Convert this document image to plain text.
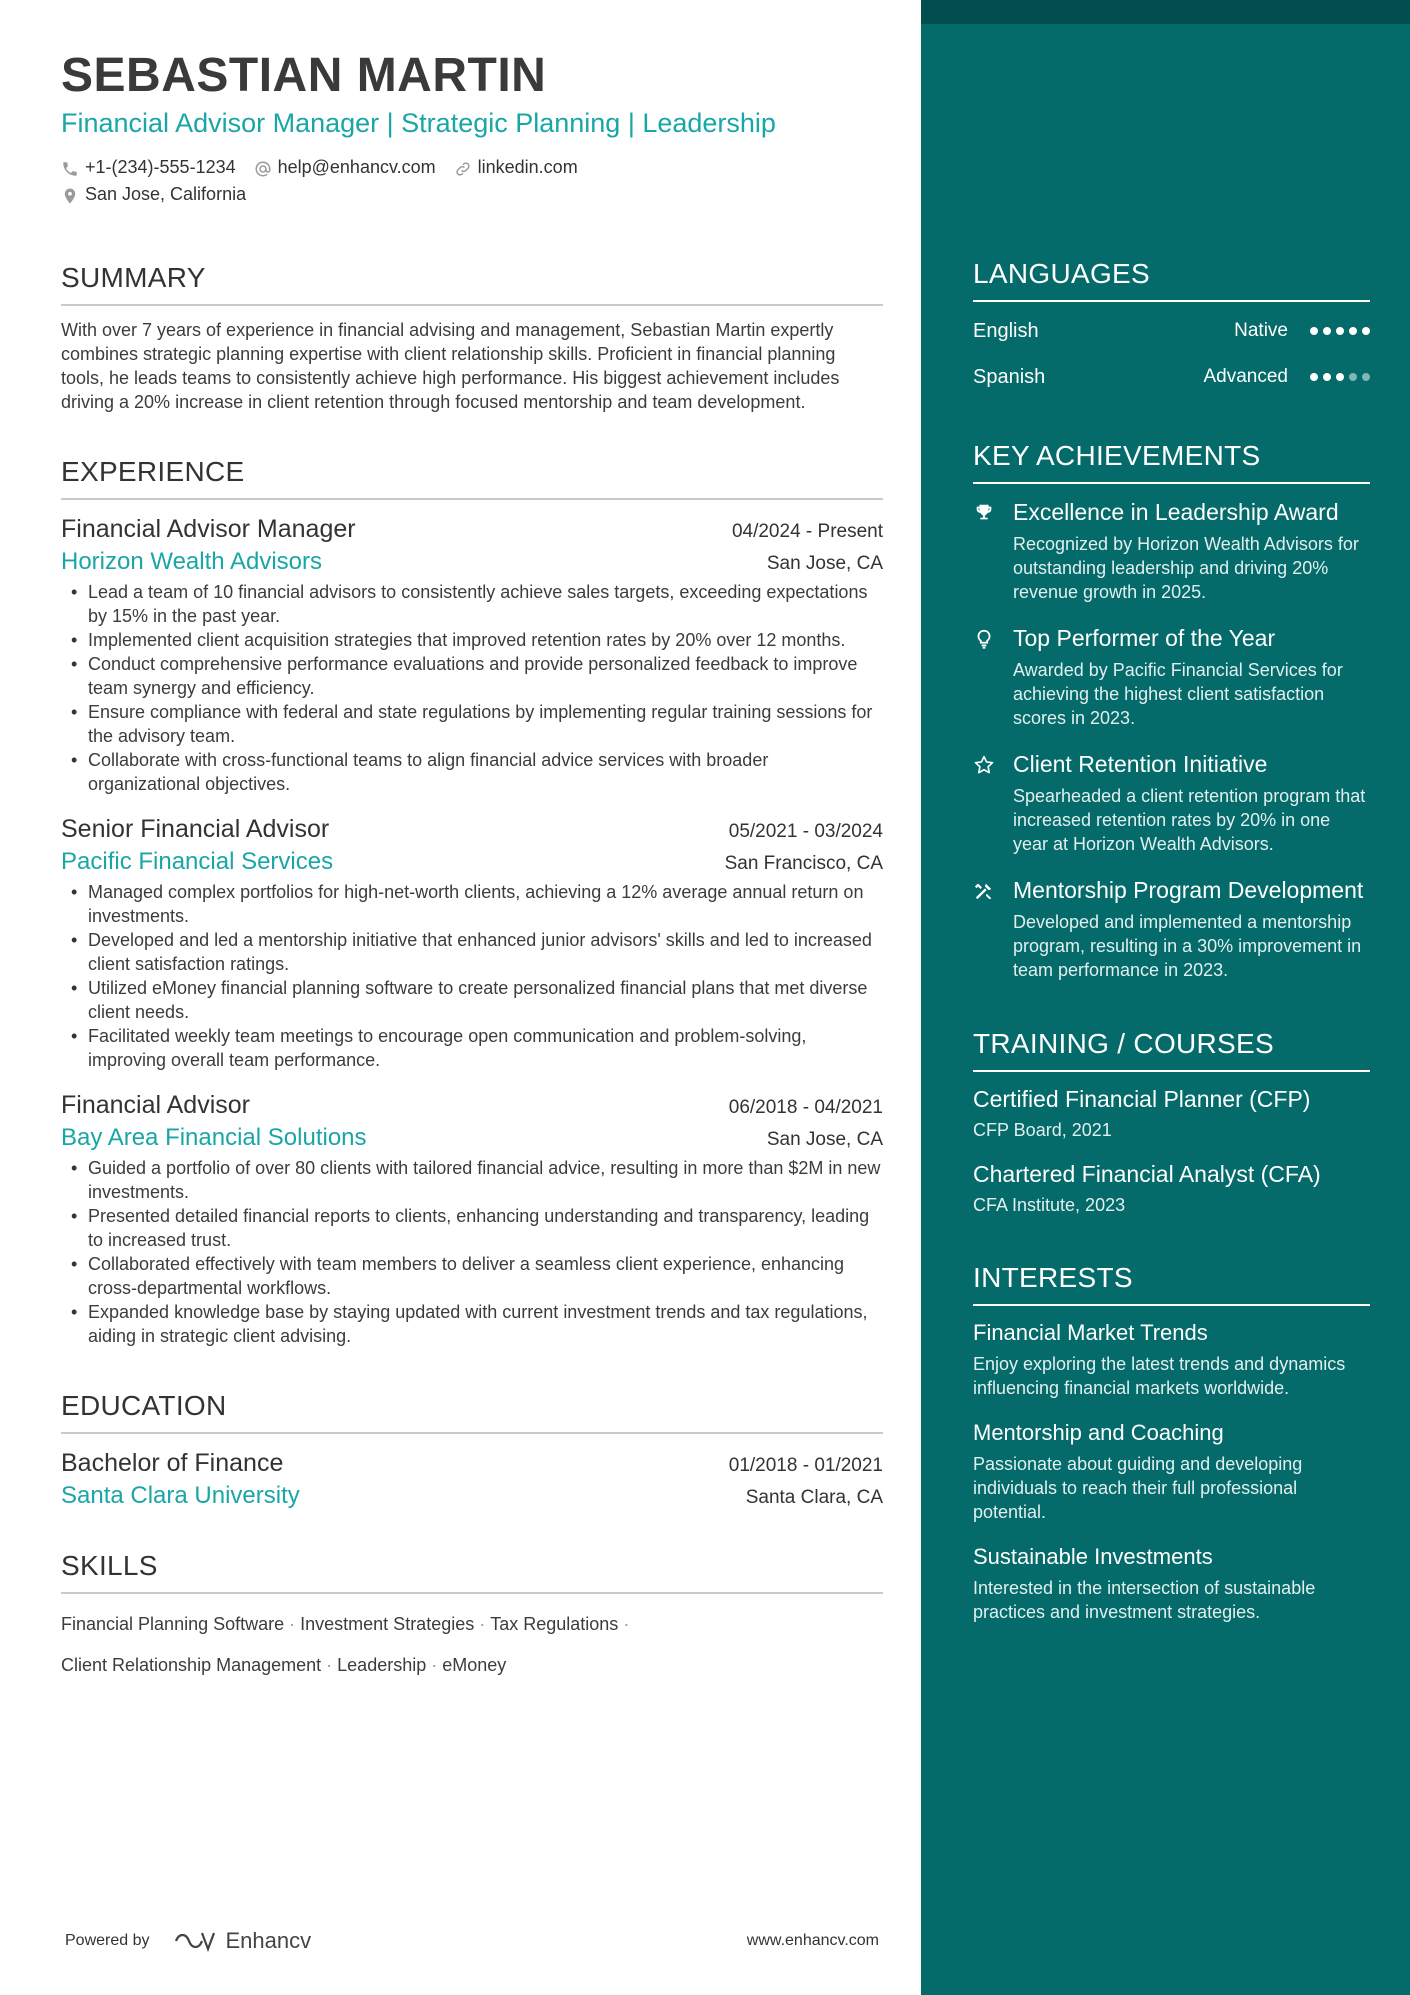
SEBASTIAN MARTIN
Financial Advisor Manager | Strategic Planning | Leadership
+1-(234)-555-1234 help@enhancv.com linkedin.com
San Jose, California
SUMMARY
With over 7 years of experience in financial advising and management, Sebastian Martin expertly combines strategic planning expertise with client relationship skills. Proficient in financial planning tools, he leads teams to consistently achieve high performance. His biggest achievement includes driving a 20% increase in client retention through focused mentorship and team development.
EXPERIENCE
Financial Advisor Manager	04/2024 - Present
Horizon Wealth Advisors	San Jose, CA
• Lead a team of 10 financial advisors to consistently achieve sales targets, exceeding expectations by 15% in the past year.
• Implemented client acquisition strategies that improved retention rates by 20% over 12 months.
• Conduct comprehensive performance evaluations and provide personalized feedback to improve team synergy and efficiency.
• Ensure compliance with federal and state regulations by implementing regular training sessions for the advisory team.
• Collaborate with cross-functional teams to align financial advice services with broader organizational objectives.
Senior Financial Advisor	05/2021 - 03/2024
Pacific Financial Services	San Francisco, CA
• Managed complex portfolios for high-net-worth clients, achieving a 12% average annual return on investments.
• Developed and led a mentorship initiative that enhanced junior advisors' skills and led to increased client satisfaction ratings.
• Utilized eMoney financial planning software to create personalized financial plans that met diverse client needs.
• Facilitated weekly team meetings to encourage open communication and problem-solving, improving overall team performance.
Financial Advisor	06/2018 - 04/2021
Bay Area Financial Solutions	San Jose, CA
• Guided a portfolio of over 80 clients with tailored financial advice, resulting in more than $2M in new investments.
• Presented detailed financial reports to clients, enhancing understanding and transparency, leading to increased trust.
• Collaborated effectively with team members to deliver a seamless client experience, enhancing cross-departmental workflows.
• Expanded knowledge base by staying updated with current investment trends and tax regulations, aiding in strategic client advising.
EDUCATION
Bachelor of Finance	01/2018 - 01/2021
Santa Clara University	Santa Clara, CA
SKILLS
Financial Planning Software · Investment Strategies · Tax Regulations ·
Client Relationship Management · Leadership · eMoney
Powered by	Enhancv	www.enhancv.com
LANGUAGES
English	Native
Spanish	Advanced
KEY ACHIEVEMENTS
Excellence in Leadership Award
Recognized by Horizon Wealth Advisors for outstanding leadership and driving 20% revenue growth in 2025.
Top Performer of the Year
Awarded by Pacific Financial Services for achieving the highest client satisfaction scores in 2023.
Client Retention Initiative
Spearheaded a client retention program that increased retention rates by 20% in one year at Horizon Wealth Advisors.
Mentorship Program Development
Developed and implemented a mentorship program, resulting in a 30% improvement in team performance in 2023.
TRAINING / COURSES
Certified Financial Planner (CFP)
CFP Board, 2021
Chartered Financial Analyst (CFA)
CFA Institute, 2023
INTERESTS
Financial Market Trends
Enjoy exploring the latest trends and dynamics influencing financial markets worldwide.
Mentorship and Coaching
Passionate about guiding and developing individuals to reach their full professional potential.
Sustainable Investments
Interested in the intersection of sustainable practices and investment strategies.
